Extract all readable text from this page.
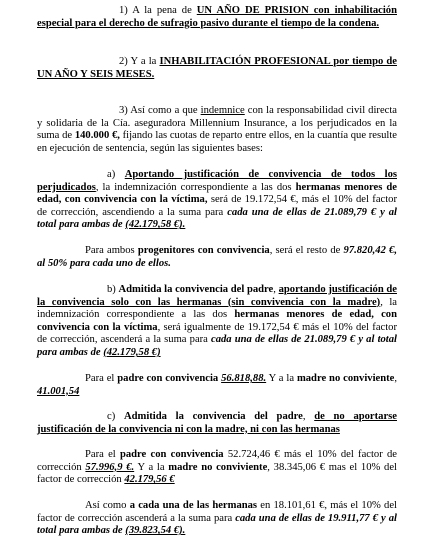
1) A la pena de UN AÑO DE PRISION con inhabilitación especial para el derecho de sufragio pasivo durante el tiempo de la condena.

2) Y a la INHABILITACIÓN PROFESIONAL por tiempo de UN AÑO Y SEIS MESES.

3) Así como a que indemnice con la responsabilidad civil directa y solidaria de la Cía. aseguradora Millennium Insurance, a los perjudicados en la suma de 140.000 €, fijando las cuotas de reparto entre ellos, en la cuantía que resulte en ejecución de sentencia, según las siguientes bases:

a) Aportando justificación de convivencia de todos los perjudicados, la indemnización correspondiente a las dos hermanas menores de edad, con convivencia con la víctima, será de 19.172,54 €, más el 10% del factor de corrección, ascendiendo a la suma para cada una de ellas de 21.089,79 € y al total para ambas de (42.179,58 €).

Para ambos progenitores con convivencia, será el resto de 97.820,42 €, al 50% para cada uno de ellos.

b) Admitida la convivencia del padre, aportando justificación de la convivencia solo con las hermanas (sin convivencia con la madre), la indemnización correspondiente a las dos hermanas menores de edad, con convivencia con la víctima, será igualmente de 19.172,54 € más el 10% del factor de corrección, ascenderá a la suma para cada una de ellas de 21.089,79 € y al total para ambas de (42.179,58 €)

Para el padre con convivencia 56.818,88. Y a la madre no conviviente, 41.001,54

c) Admitida la convivencia del padre, de no aportarse justificación de la convivencia ni con la madre, ni con las hermanas

Para el padre con convivencia 52.724,46 € más el 10% del factor de corrección 57.996,9 €. Y a la madre no conviviente, 38.345,06 € mas el 10% del factor de corrección 42.179,56 €

Así como a cada una de las hermanas en 18.101,61 €, más el 10% del factor de corrección ascenderá a la suma para cada una de ellas de 19.911,77 € y al total para ambas de (39.823,54 €).
